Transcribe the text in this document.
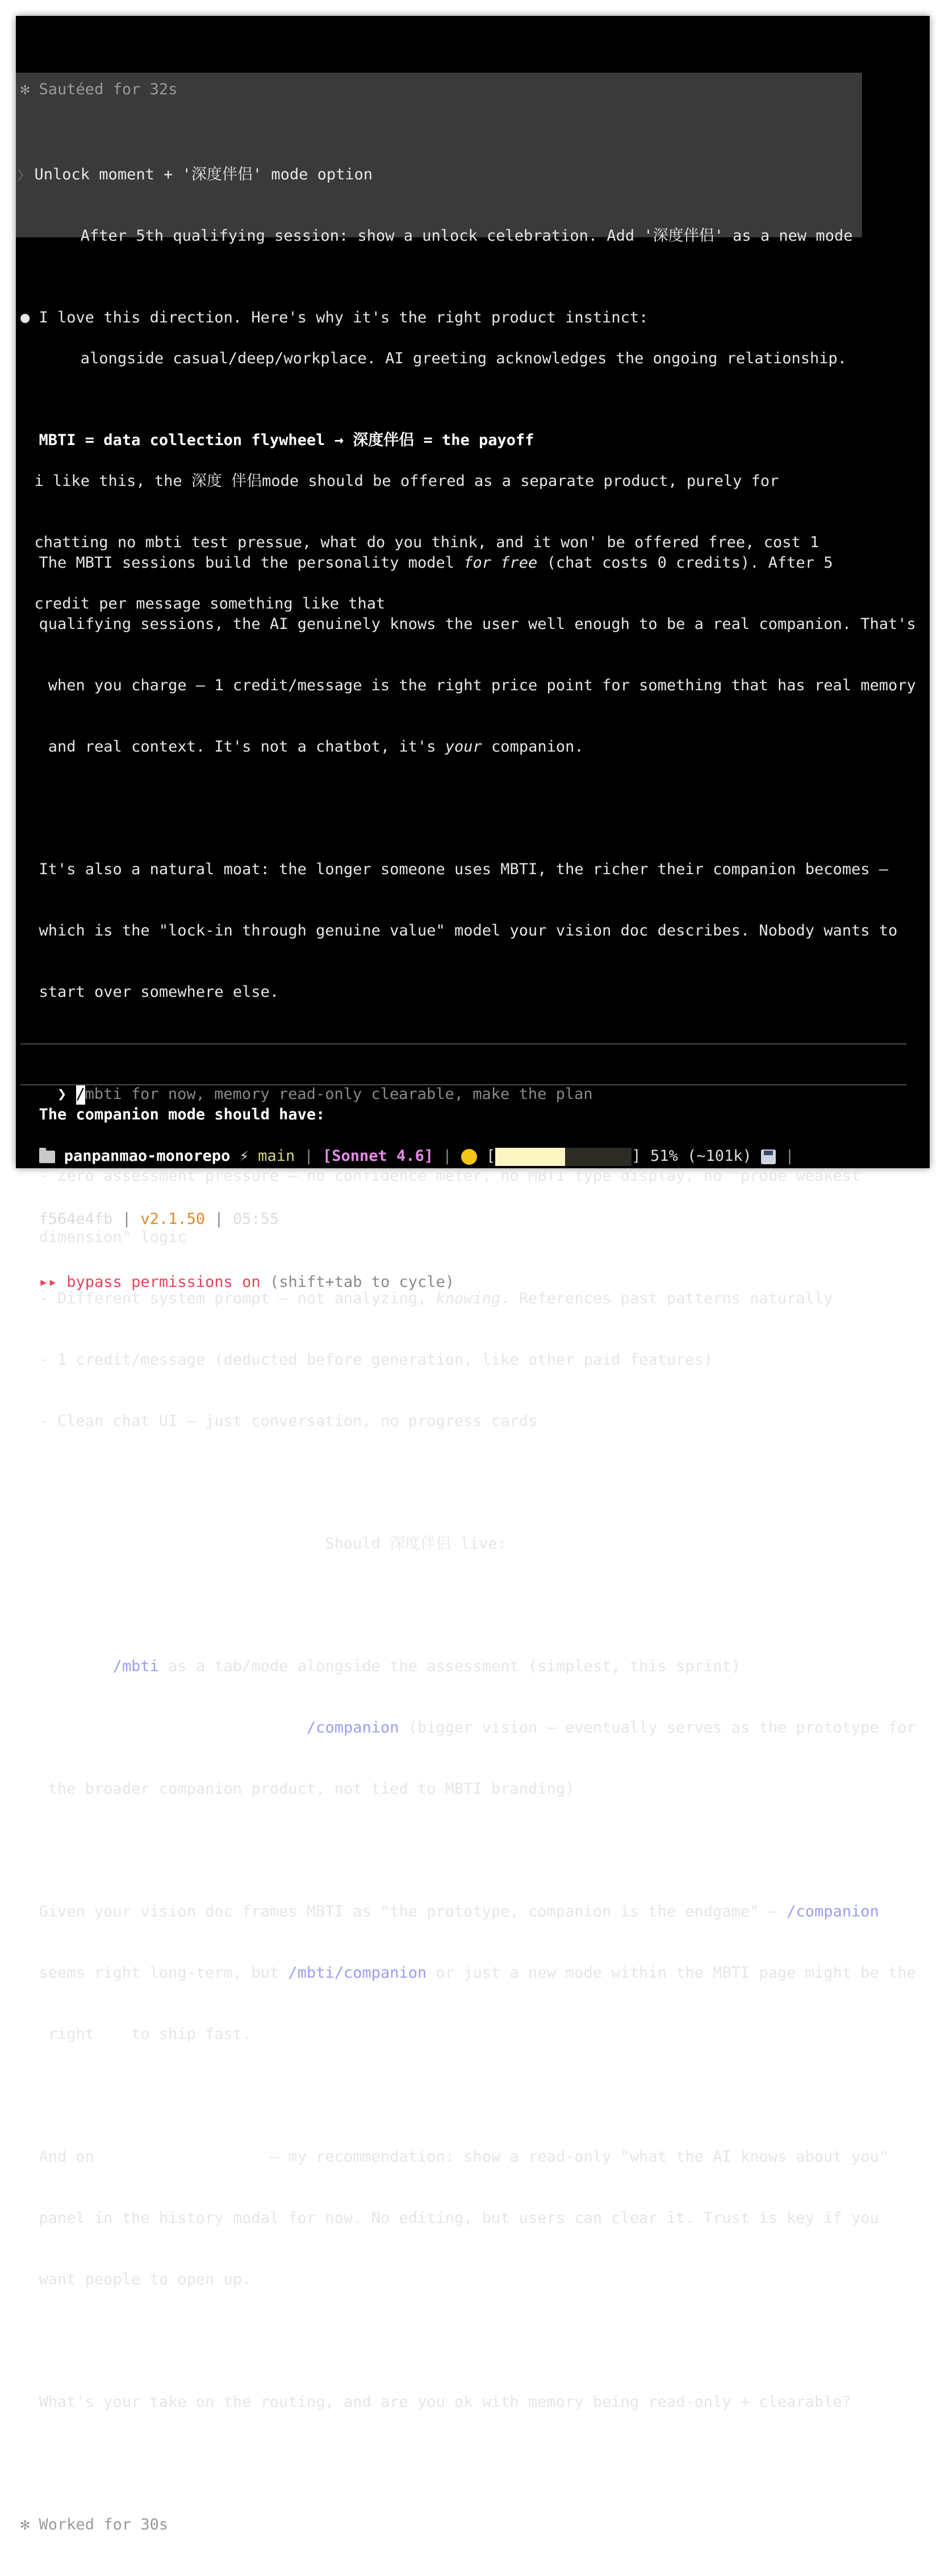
❯ Unlock moment + '深度伴侣' mode option

After 5th qualifying session: show a unlock celebration. Add '深度伴侣' as a new mode

alongside casual/deep/workplace. AI greeting acknowledges the ongoing relationship.

i like this, the 深度 伴侣mode should be offered as a separate product, purely for

chatting no mbti test pressue, what do you think, and it won' be offered free, cost 1

credit per message something like that

✻ Sautéed for 32s

● I love this direction. Here's why it's the right product instinct:

MBTI = data collection flywheel → 深度伴侣 = the payoff

The MBTI sessions build the personality model for free (chat costs 0 credits). After 5

qualifying sessions, the AI genuinely knows the user well enough to be a real companion. That's

when you charge — 1 credit/message is the right price point for something that has real memory

and real context. It's not a chatbot, it's your companion.

It's also a natural moat: the longer someone uses MBTI, the richer their companion becomes —

which is the "lock-in through genuine value" model your vision doc describes. Nobody wants to

start over somewhere else.

The companion mode should have:

- Zero assessment pressure — no confidence meter, no MBTI type display, no "probe weakest

dimension" logic

- Different system prompt — not analyzing, knowing. References past patterns naturally

- 1 credit/message (deducted before generation, like other paid features)

- Clean chat UI — just conversation, no progress cards

One key question on placement: Should 深度伴侣 live:

- Under /mbti as a tab/mode alongside the assessment (simplest, this sprint)

- As its own top-level route /companion (bigger vision — eventually serves as the prototype for

the broader companion product, not tied to MBTI branding)

Given your vision doc frames MBTI as "the prototype, companion is the endgame" — /companion

seems right long-term, but /mbti/companion or just a new mode within the MBTI page might be the

right v1 to ship fast.

And on memory visibility — my recommendation: show a read-only "what the AI knows about you"

panel in the history modal for now. No editing, but users can clear it. Trust is key if you

want people to open up.

What's your take on the routing, and are you ok with memory being read-only + clearable?

✻ Worked for 30s

❯ /mbti for now, memory read-only clearable, make the plan

panpanmao-monorepo ⚡ main | [Sonnet 4.6] | [	] 51% (~101k) |

f564e4fb | v2.1.50 | 05:55

▸▸ bypass permissions on (shift+tab to cycle)
